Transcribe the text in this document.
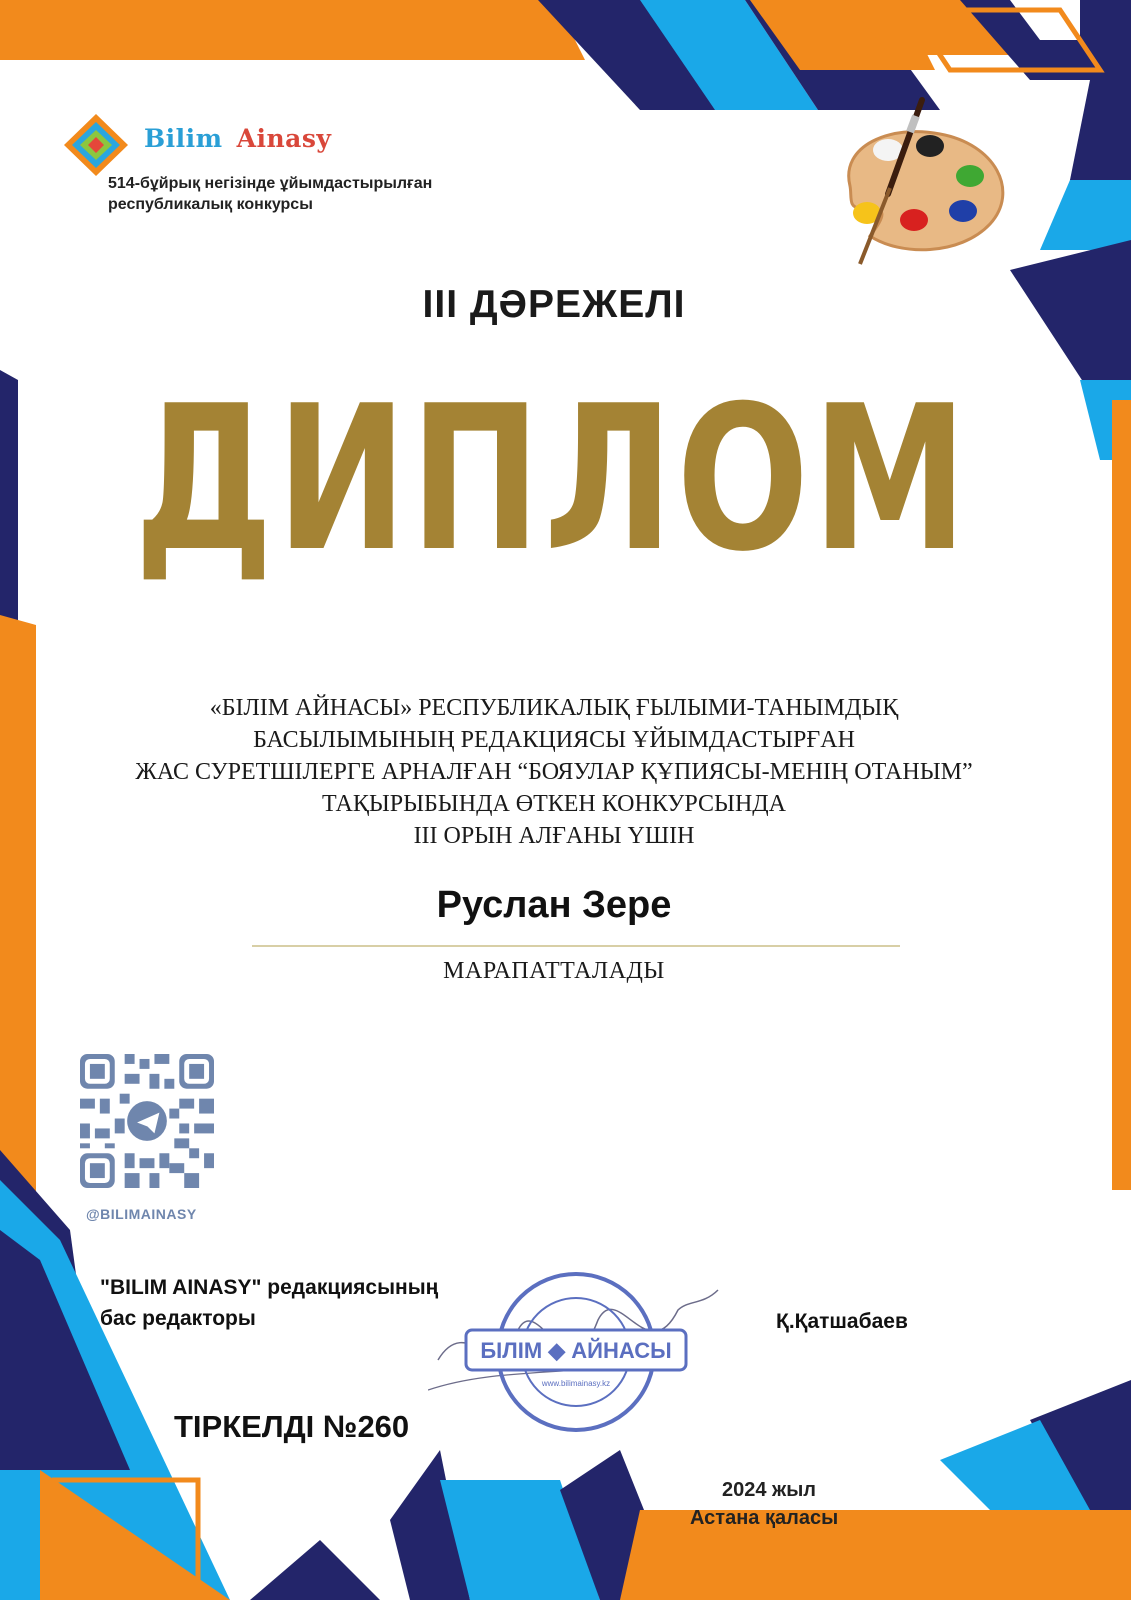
Bilim Ainasy
514-бұйрық негізінде ұйымдастырылған
республикалық конкурсы
III ДӘРЕЖЕЛІ
ДИПЛОМ
«БІЛІМ АЙНАСЫ» РЕСПУБЛИКАЛЫҚ ҒЫЛЫМИ-ТАНЫМДЫҚ
БАСЫЛЫМЫНЫҢ РЕДАКЦИЯСЫ ҰЙЫМДАСТЫРҒАН
ЖАС СУРЕТШІЛЕРГЕ АРНАЛҒАН “БОЯУЛАР ҚҰПИЯСЫ-МЕНІҢ ОТАНЫМ”
ТАҚЫРЫБЫНДА ӨТКЕН КОНКУРСЫНДА
III ОРЫН АЛҒАНЫ ҮШІН
Руслан Зере
МАРАПАТТАЛАДЫ
@BILIMAINASY
"BILIM AINASY" редакциясының
бас редакторы
БІЛІМ ◆ АЙНАСЫ
www.bilimainasy.kz
Қ.Қатшабаев
ТІРКЕЛДІ №260
2024 жыл
Астана қаласы
